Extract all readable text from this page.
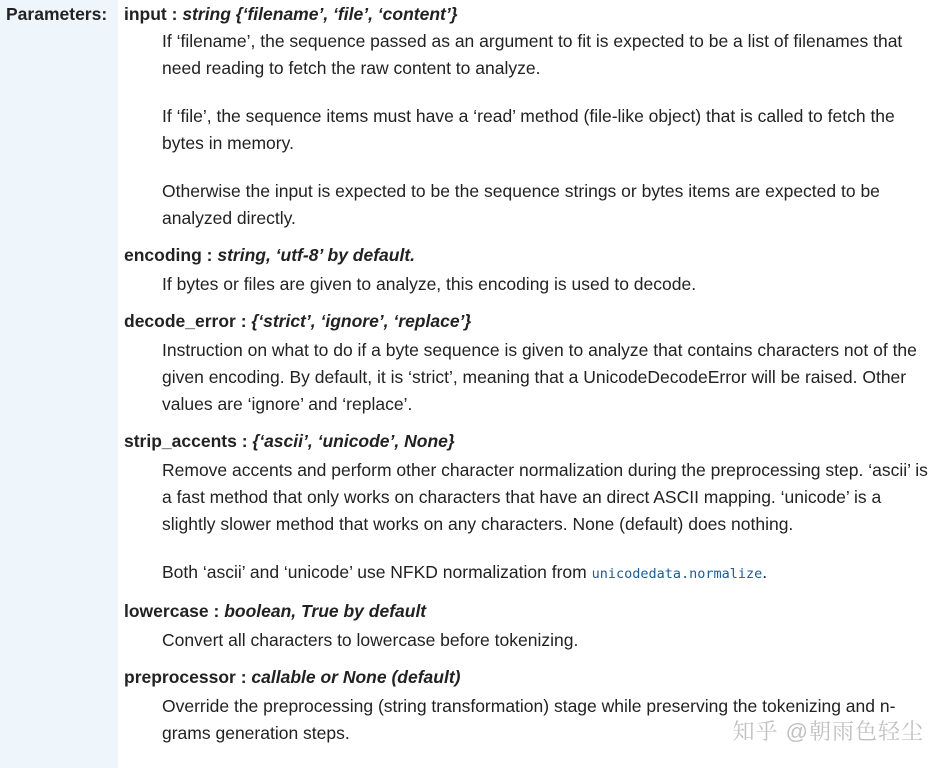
Parameters: input : string {‘filename’, ‘file’, ‘content’}

If ‘filename’, the sequence passed as an argument to fit is expected to be a list of filenames that need reading to fetch the raw content to analyze.

If ‘file’, the sequence items must have a ‘read’ method (file-like object) that is called to fetch the bytes in memory.

Otherwise the input is expected to be the sequence strings or bytes items are expected to be analyzed directly.

encoding : string, ‘utf-8’ by default.

If bytes or files are given to analyze, this encoding is used to decode.

decode_error : {‘strict’, ‘ignore’, ‘replace’}

Instruction on what to do if a byte sequence is given to analyze that contains characters not of the given encoding. By default, it is ‘strict’, meaning that a UnicodeDecodeError will be raised. Other values are ‘ignore’ and ‘replace’.

strip_accents : {‘ascii’, ‘unicode’, None}

Remove accents and perform other character normalization during the preprocessing step. ‘ascii’ is a fast method that only works on characters that have an direct ASCII mapping. ‘unicode’ is a slightly slower method that works on any characters. None (default) does nothing.

Both ‘ascii’ and ‘unicode’ use NFKD normalization from unicodedata.normalize.

lowercase : boolean, True by default

Convert all characters to lowercase before tokenizing.

preprocessor : callable or None (default)

Override the preprocessing (string transformation) stage while preserving the tokenizing and n-grams generation steps.	知乎 @朝雨色轻尘
